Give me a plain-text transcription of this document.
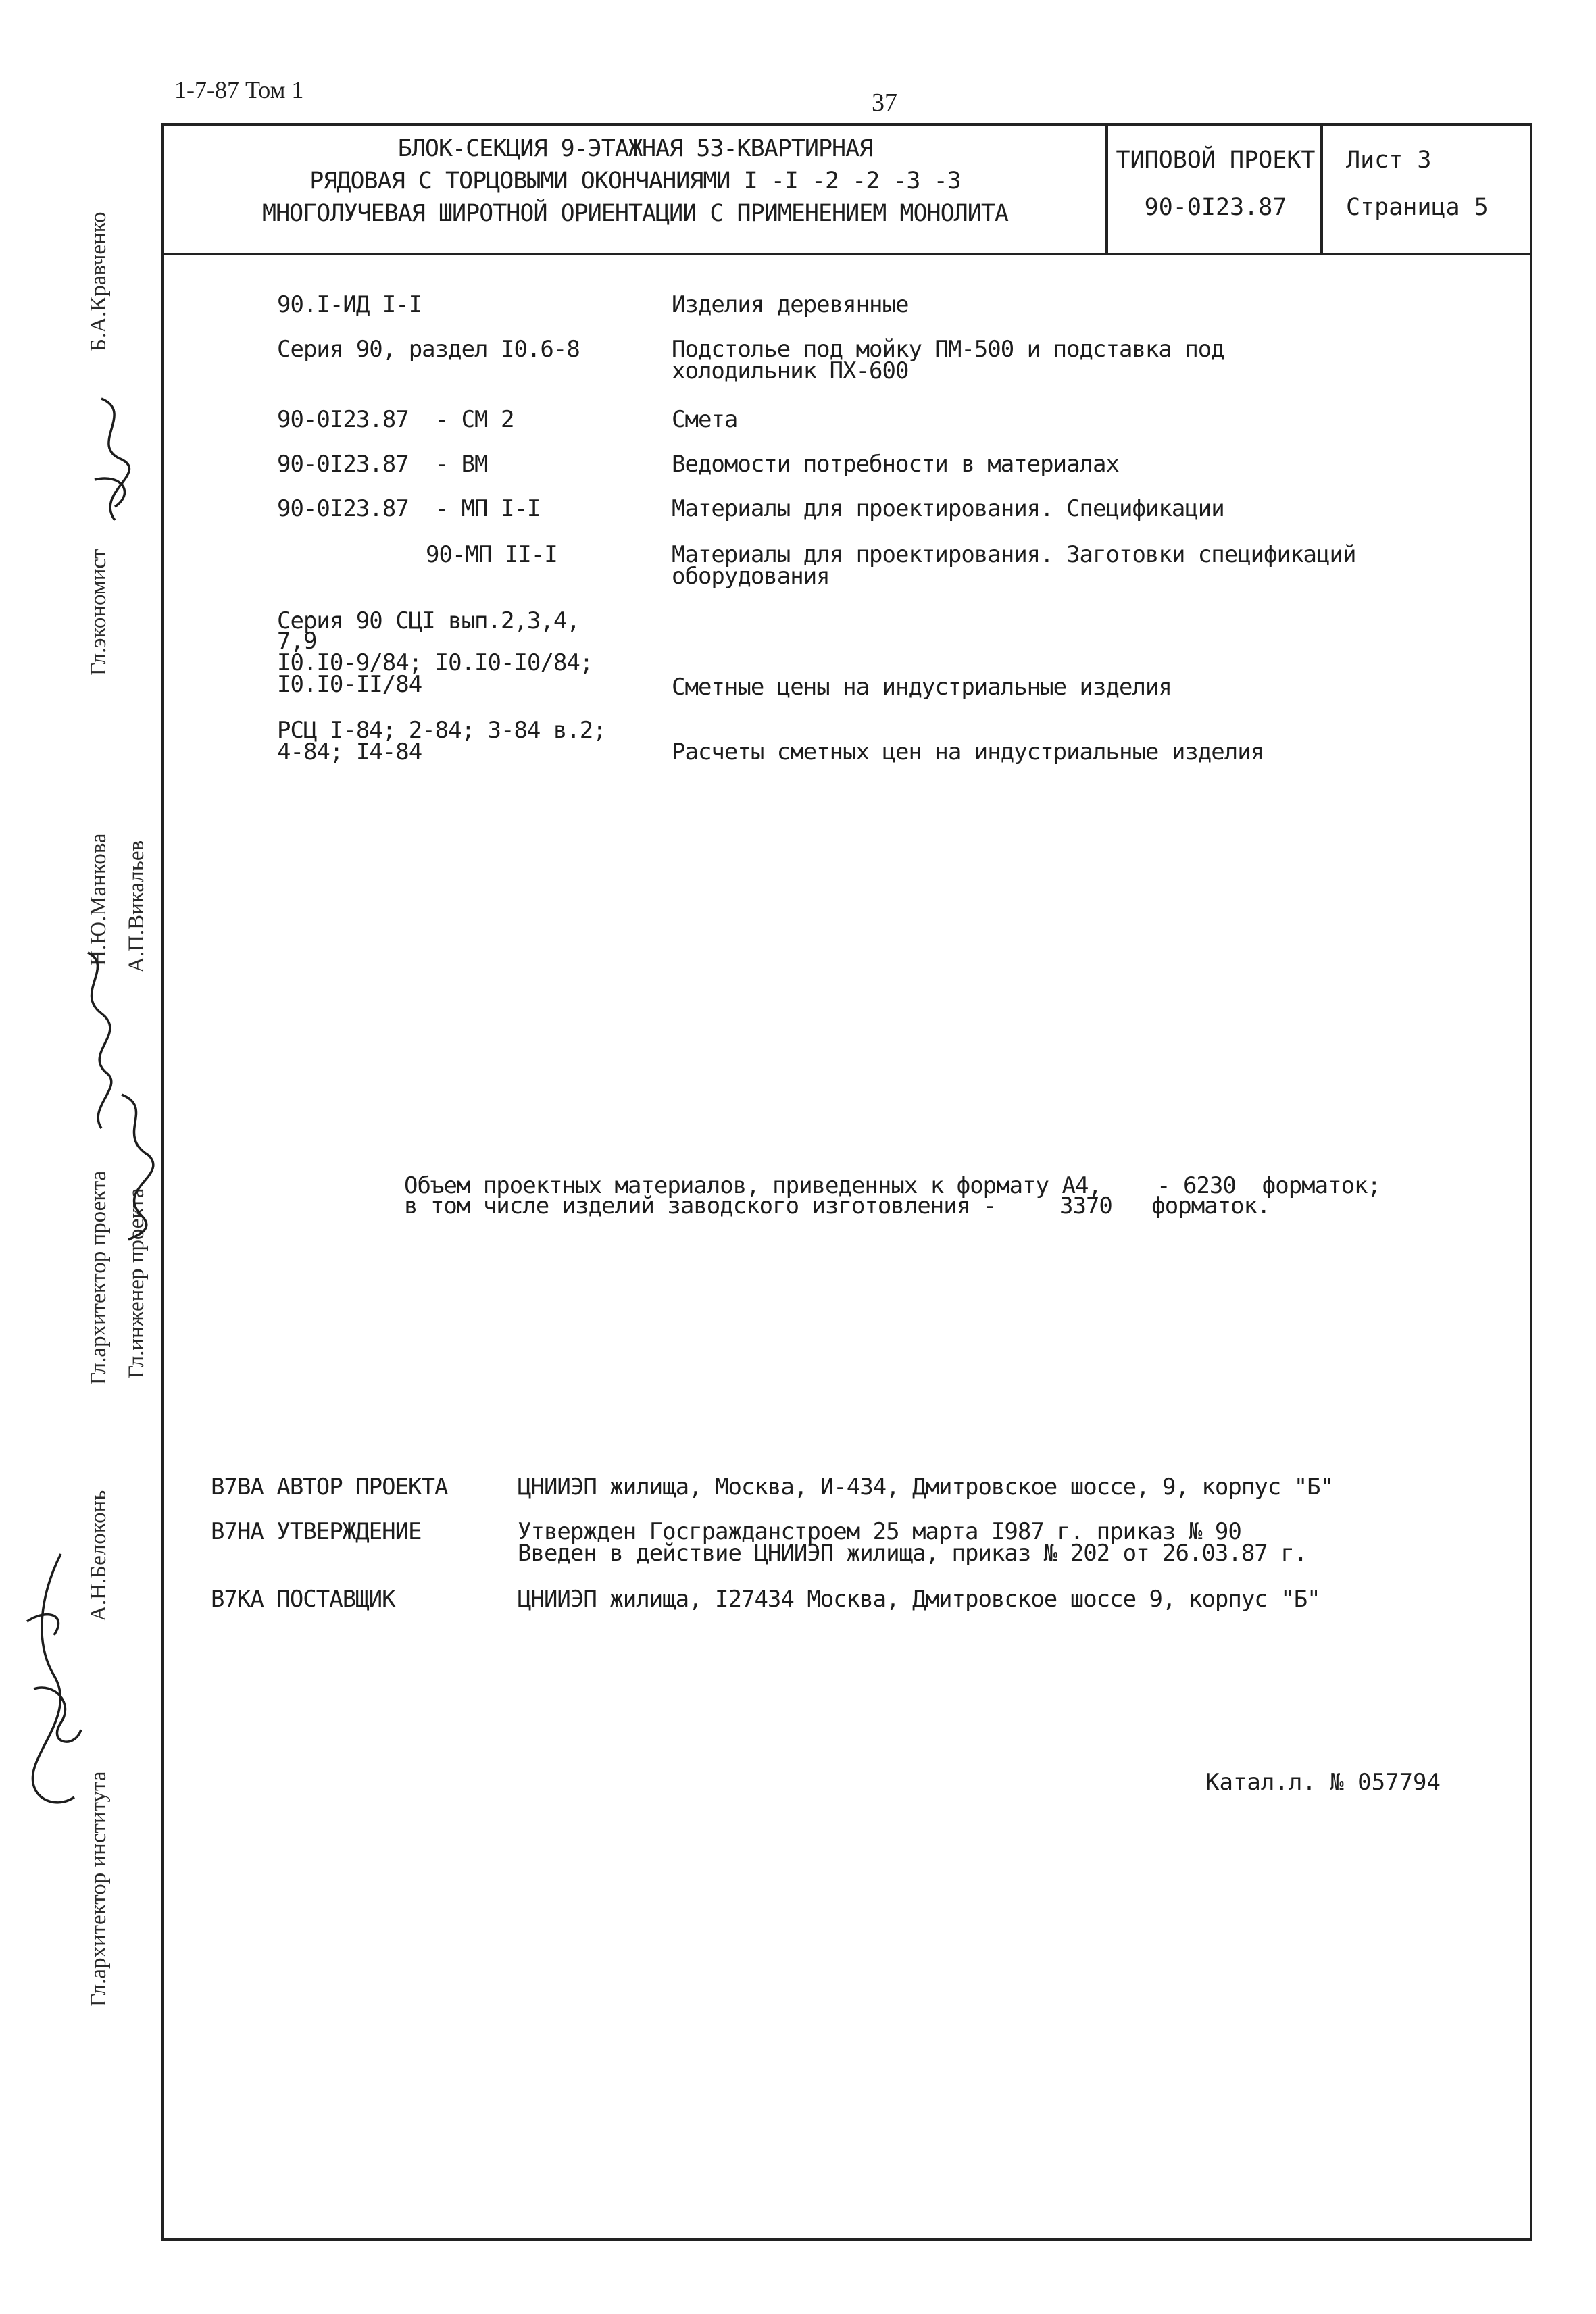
1-7-87 Том 1	37
БЛОК-СЕКЦИЯ 9-ЭТАЖНАЯ 53-КВАРТИРНАЯ
РЯДОВАЯ С ТОРЦОВЫМИ ОКОНЧАНИЯМИ I -I -2 -2 -3 -3
МНОГОЛУЧЕВАЯ ШИРОТНОЙ ОРИЕНТАЦИИ С ПРИМЕНЕНИЕМ МОНОЛИТА
ТИПОВОЙ ПРОЕКТ
90-0I23.87
Лист 3
Страница 5
90.I-ИД I-I	Изделия деревянные
Серия 90, раздел I0.6-8	Подстолье под мойку ПМ-500 и подставка под
холодильник ПХ-600
90-0I23.87  - СМ 2	Смета
90-0I23.87  - ВМ	Ведомости потребности в материалах
90-0I23.87  - МП I-I	Материалы для проектирования. Спецификации
90-МП II-I	Материалы для проектирования. Заготовки спецификаций
оборудования
Серия 90 СЦI вып.2,3,4,
7,9
I0.I0-9/84; I0.I0-I0/84;
I0.I0-II/84	Сметные цены на индустриальные изделия
РСЦ I-84; 2-84; 3-84 в.2;
4-84; I4-84	Расчеты сметных цен на индустриальные изделия
Объем проектных материалов, приведенных к формату А4, - 6230  форматок;
в том числе изделий заводского изготовления -	3370   форматок.
В7ВА АВТОР ПРОЕКТА	ЦНИИЭП жилища, Москва, И-434, Дмитровское шоссе, 9, корпус "Б"
В7НА УТВЕРЖДЕНИЕ	Утвержден Госгражданстроем 25 марта I987 г. приказ № 90
Введен в действие ЦНИИЭП жилища, приказ № 202 от 26.03.87 г.
В7КА ПОСТАВЩИК	ЦНИИЭП жилища, I27434 Москва, Дмитровское шоссе 9, корпус "Б"
Катал.л. № 057794
Гл.архитектор института
А.Н.Белоконь
Гл.архитектор проекта
Н.Ю.Манкова
Гл.экономист
Б.А.Кравченко
Гл.инженер проекта
А.П.Викальев
